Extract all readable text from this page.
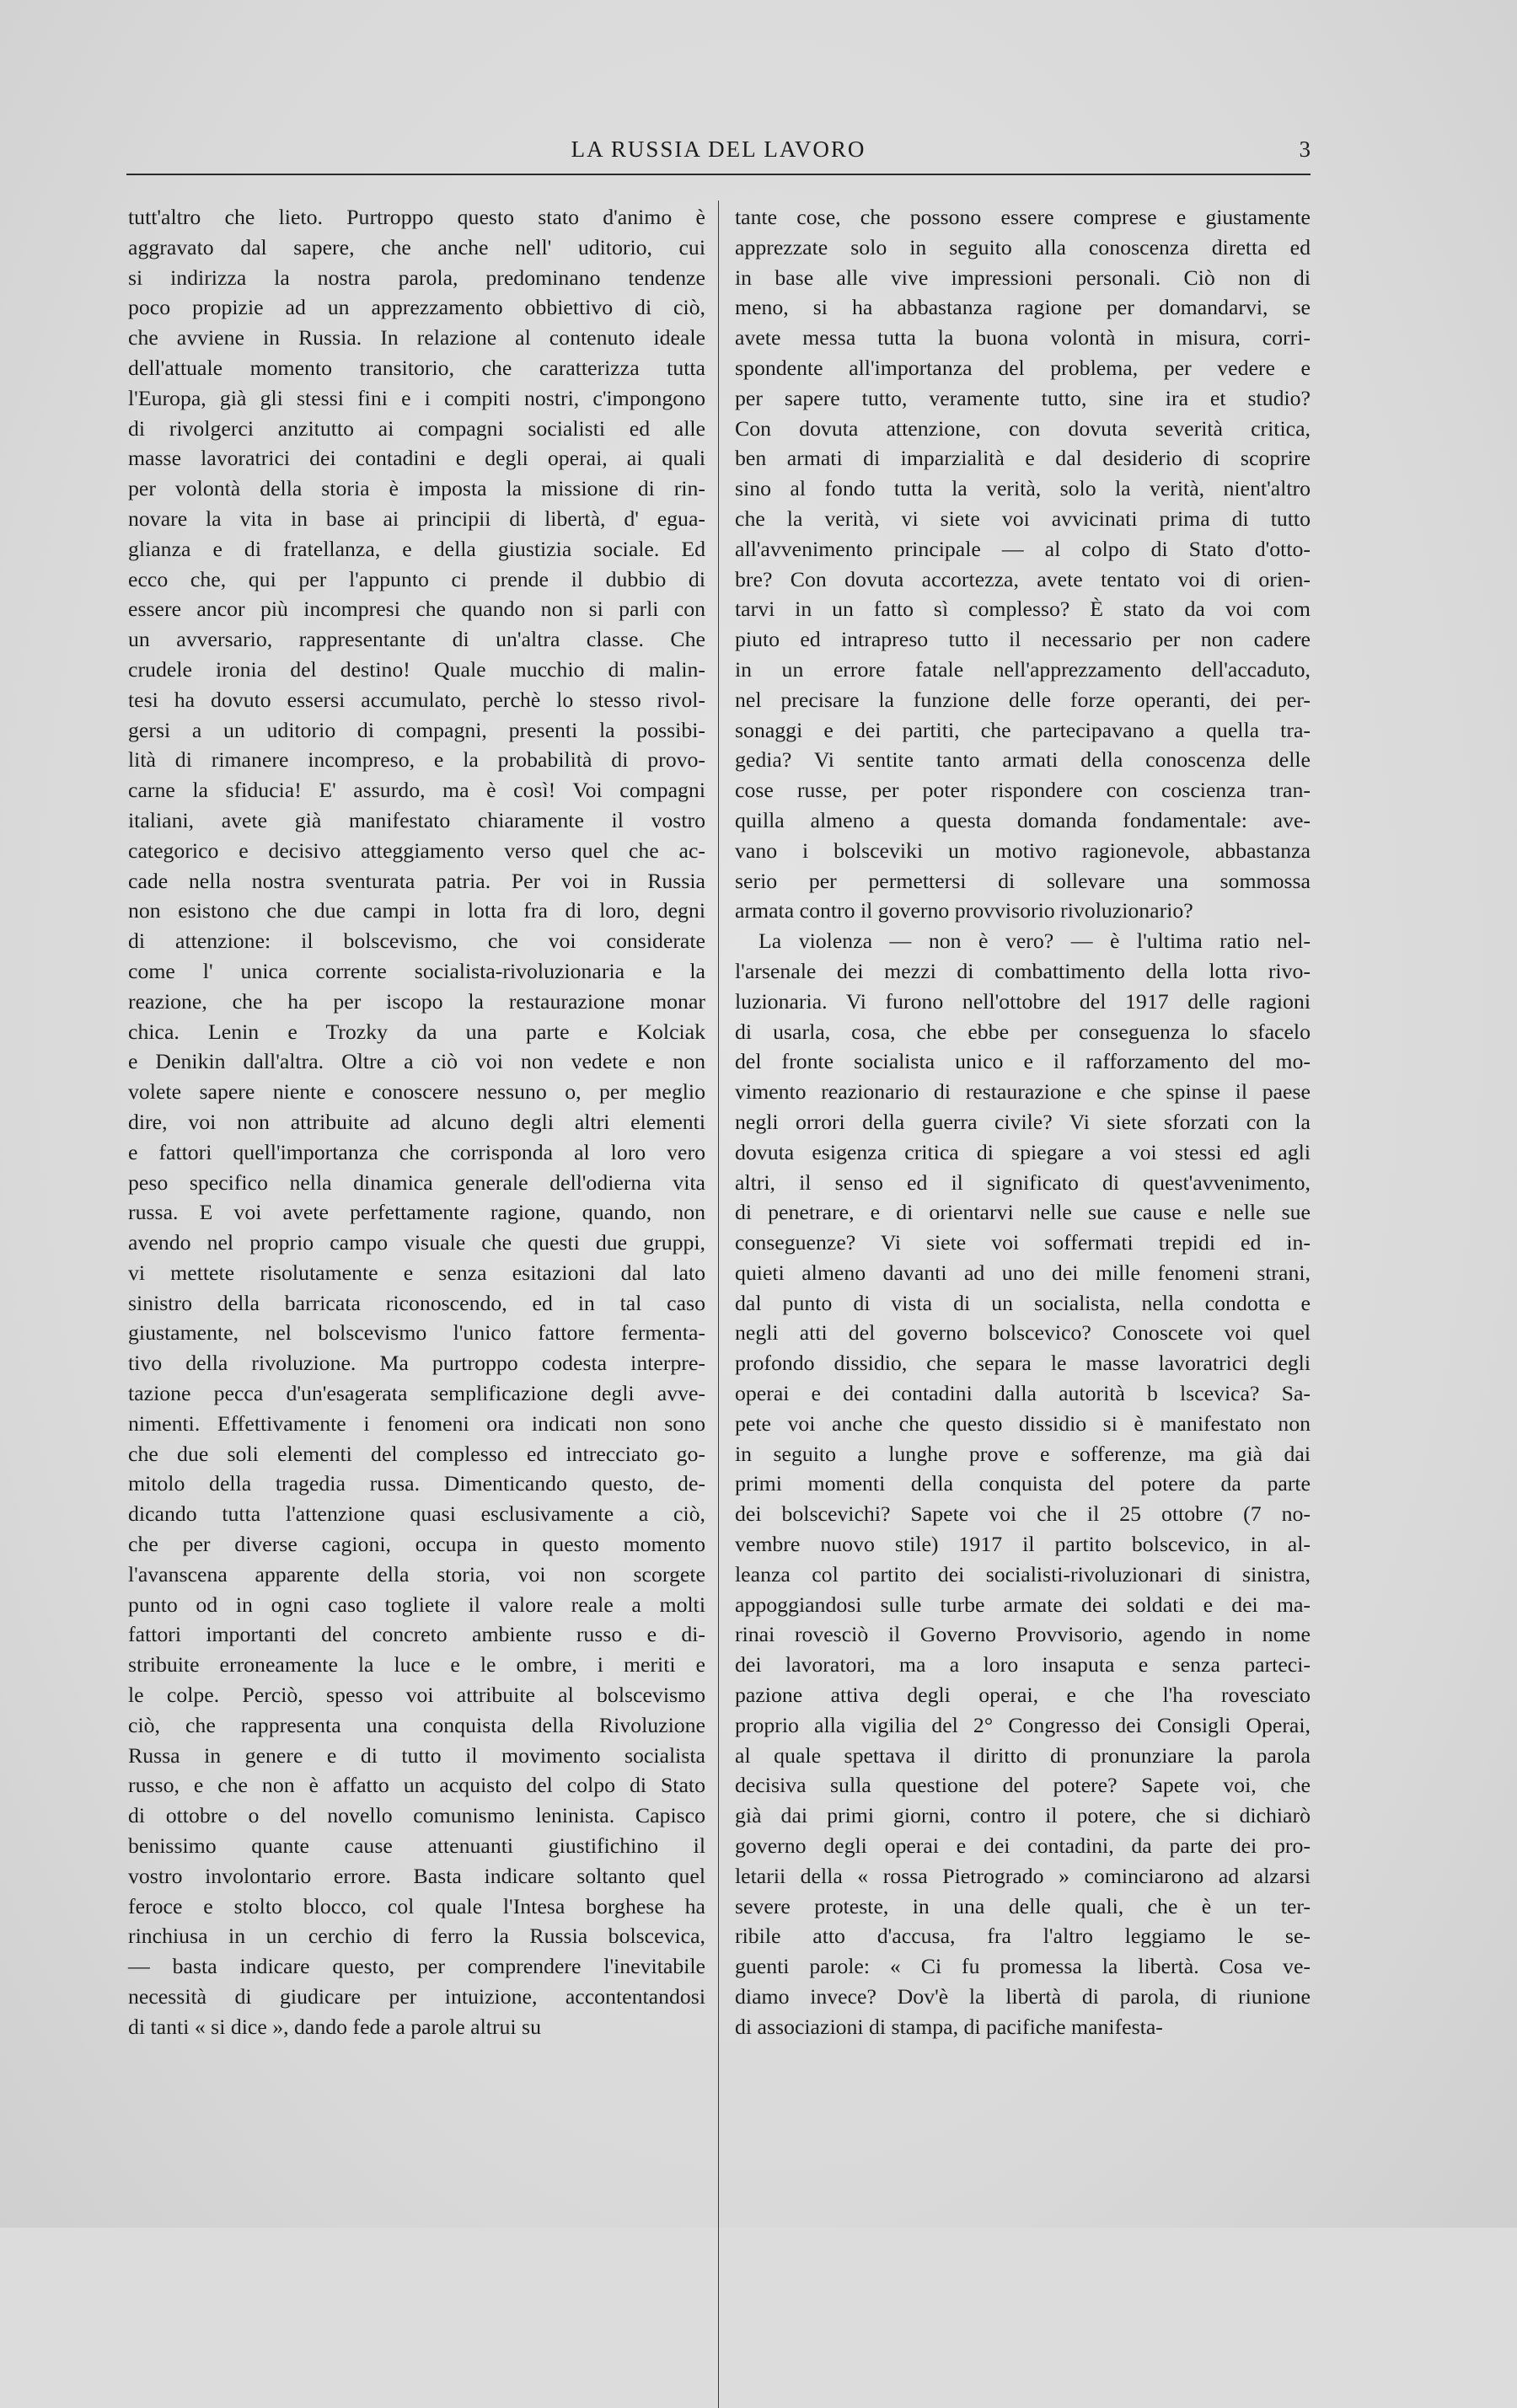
LA RUSSIA DEL LAVORO	3
tutt'altro che lieto. Purtroppo questo stato d'animo è
aggravato dal sapere, che anche nell' uditorio, cui
si indirizza la nostra parola, predominano tendenze
poco propizie ad un apprezzamento obbiettivo di ciò,
che avviene in Russia. In relazione al contenuto ideale
dell'attuale momento transitorio, che caratterizza tutta
l'Europa, già gli stessi fini e i compiti nostri, c'impongono
di rivolgerci anzitutto ai compagni socialisti ed alle
masse lavoratrici dei contadini e degli operai, ai quali
per volontà della storia è imposta la missione di rin-
novare la vita in base ai principii di libertà, d' egua-
glianza e di fratellanza, e della giustizia sociale. Ed
ecco che, qui per l'appunto ci prende il dubbio di
essere ancor più incompresi che quando non si parli con
un avversario, rappresentante di un'altra classe. Che
crudele ironia del destino! Quale mucchio di malin-
tesi ha dovuto essersi accumulato, perchè lo stesso rivol-
gersi a un uditorio di compagni, presenti la possibi-
lità di rimanere incompreso, e la probabilità di provo-
carne la sfiducia! E' assurdo, ma è così! Voi compagni
italiani, avete già manifestato chiaramente il vostro
categorico e decisivo atteggiamento verso quel che ac-
cade nella nostra sventurata patria. Per voi in Russia
non esistono che due campi in lotta fra di loro, degni
di attenzione: il bolscevismo, che voi considerate
come l' unica corrente socialista-rivoluzionaria e la
reazione, che ha per iscopo la restaurazione monar
chica. Lenin e Trozky da una parte e Kolciak
e Denikin dall'altra. Oltre a ciò voi non vedete e non
volete sapere niente e conoscere nessuno o, per meglio
dire, voi non attribuite ad alcuno degli altri elementi
e fattori quell'importanza che corrisponda al loro vero
peso specifico nella dinamica generale dell'odierna vita
russa. E voi avete perfettamente ragione, quando, non
avendo nel proprio campo visuale che questi due gruppi,
vi mettete risolutamente e senza esitazioni dal lato
sinistro della barricata riconoscendo, ed in tal caso
giustamente, nel bolscevismo l'unico fattore fermenta-
tivo della rivoluzione. Ma purtroppo codesta interpre-
tazione pecca d'un'esagerata semplificazione degli avve-
nimenti. Effettivamente i fenomeni ora indicati non sono
che due soli elementi del complesso ed intrecciato go-
mitolo della tragedia russa. Dimenticando questo, de-
dicando tutta l'attenzione quasi esclusivamente a ciò,
che per diverse cagioni, occupa in questo momento
l'avanscena apparente della storia, voi non scorgete
punto od in ogni caso togliete il valore reale a molti
fattori importanti del concreto ambiente russo e di-
stribuite erroneamente la luce e le ombre, i meriti e
le colpe. Perciò, spesso voi attribuite al bolscevismo
ciò, che rappresenta una conquista della Rivoluzione
Russa in genere e di tutto il movimento socialista
russo, e che non è affatto un acquisto del colpo di Stato
di ottobre o del novello comunismo leninista. Capisco
benissimo quante cause attenuanti giustifichino il
vostro involontario errore. Basta indicare soltanto quel
feroce e stolto blocco, col quale l'Intesa borghese ha
rinchiusa in un cerchio di ferro la Russia bolscevica,
— basta indicare questo, per comprendere l'inevitabile
necessità di giudicare per intuizione, accontentandosi
di tanti « si dice », dando fede a parole altrui su
tante cose, che possono essere comprese e giustamente
apprezzate solo in seguito alla conoscenza diretta ed
in base alle vive impressioni personali. Ciò non di
meno, si ha abbastanza ragione per domandarvi, se
avete messa tutta la buona volontà in misura, corri-
spondente all'importanza del problema, per vedere e
per sapere tutto, veramente tutto, sine ira et studio?
Con dovuta attenzione, con dovuta severità critica,
ben armati di imparzialità e dal desiderio di scoprire
sino al fondo tutta la verità, solo la verità, nient'altro
che la verità, vi siete voi avvicinati prima di tutto
all'avvenimento principale — al colpo di Stato d'otto-
bre? Con dovuta accortezza, avete tentato voi di orien-
tarvi in un fatto sì complesso? È stato da voi com
piuto ed intrapreso tutto il necessario per non cadere
in un errore fatale nell'apprezzamento dell'accaduto,
nel precisare la funzione delle forze operanti, dei per-
sonaggi e dei partiti, che partecipavano a quella tra-
gedia? Vi sentite tanto armati della conoscenza delle
cose russe, per poter rispondere con coscienza tran-
quilla almeno a questa domanda fondamentale: ave-
vano i bolsceviki un motivo ragionevole, abbastanza
serio per permettersi di sollevare una sommossa
armata contro il governo provvisorio rivoluzionario?
La violenza — non è vero? — è l'ultima ratio nel-
l'arsenale dei mezzi di combattimento della lotta rivo-
luzionaria. Vi furono nell'ottobre del 1917 delle ragioni
di usarla, cosa, che ebbe per conseguenza lo sfacelo
del fronte socialista unico e il rafforzamento del mo-
vimento reazionario di restaurazione e che spinse il paese
negli orrori della guerra civile? Vi siete sforzati con la
dovuta esigenza critica di spiegare a voi stessi ed agli
altri, il senso ed il significato di quest'avvenimento,
di penetrare, e di orientarvi nelle sue cause e nelle sue
conseguenze? Vi siete voi soffermati trepidi ed in-
quieti almeno davanti ad uno dei mille fenomeni strani,
dal punto di vista di un socialista, nella condotta e
negli atti del governo bolscevico? Conoscete voi quel
profondo dissidio, che separa le masse lavoratrici degli
operai e dei contadini dalla autorità b lscevica? Sa-
pete voi anche che questo dissidio si è manifestato non
in seguito a lunghe prove e sofferenze, ma già dai
primi momenti della conquista del potere da parte
dei bolscevichi? Sapete voi che il 25 ottobre (7 no-
vembre nuovo stile) 1917 il partito bolscevico, in al-
leanza col partito dei socialisti-rivoluzionari di sinistra,
appoggiandosi sulle turbe armate dei soldati e dei ma-
rinai rovesciò il Governo Provvisorio, agendo in nome
dei lavoratori, ma a loro insaputa e senza parteci-
pazione attiva degli operai, e che l'ha rovesciato
proprio alla vigilia del 2° Congresso dei Consigli Operai,
al quale spettava il diritto di pronunziare la parola
decisiva sulla questione del potere? Sapete voi, che
già dai primi giorni, contro il potere, che si dichiarò
governo degli operai e dei contadini, da parte dei pro-
letarii della « rossa Pietrogrado » cominciarono ad alzarsi
severe proteste, in una delle quali, che è un ter-
ribile atto d'accusa, fra l'altro leggiamo le se-
guenti parole: « Ci fu promessa la libertà. Cosa ve-
diamo invece? Dov'è la libertà di parola, di riunione
di associazioni di stampa, di pacifiche manifesta-
